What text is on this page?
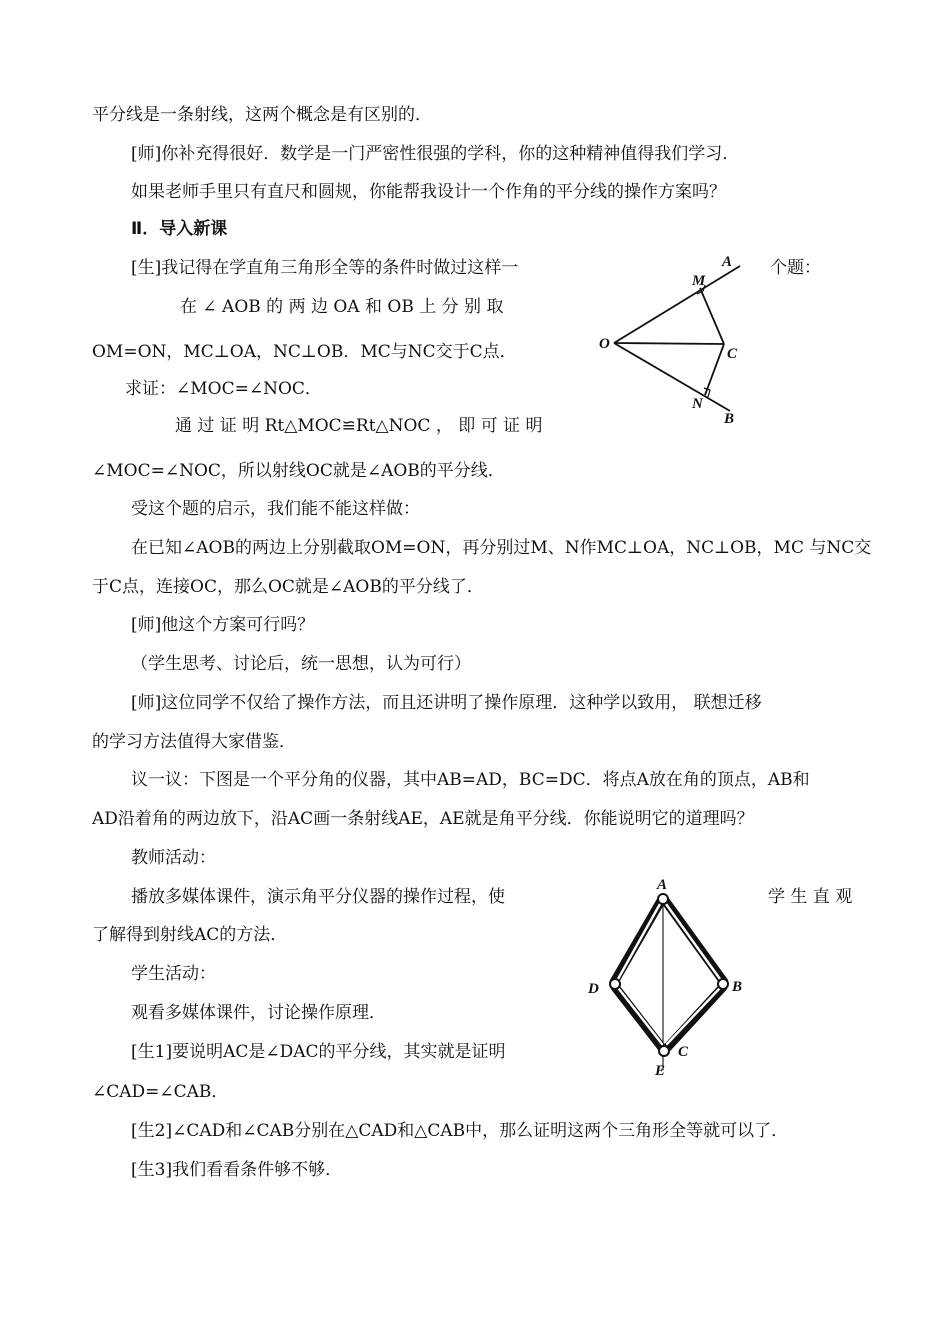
平分线是一条射线，这两个概念是有区别的．
[师]你补充得很好．数学是一门严密性很强的学科，你的这种精神值得我们学习．
如果老师手里只有直尺和圆规，你能帮我设计一个作角的平分线的操作方案吗？
Ⅱ．导入新课
[生]我记得在学直角三角形全等的条件时做过这样一	个题：
在 ∠ AOB 的 两 边 OA 和 OB 上 分 别 取
OM=ON，MC⊥OA，NC⊥OB．MC与NC交于C点．
求证：∠MOC=∠NOC．
通 过 证 明 Rt△MOC≌Rt△NOC ， 即 可 证 明
∠MOC=∠NOC，所以射线OC就是∠AOB的平分线．
受这个题的启示，我们能不能这样做：
在已知∠AOB的两边上分别截取OM=ON，再分别过M、N作MC⊥OA，NC⊥OB，MC 与NC交
于C点，连接OC，那么OC就是∠AOB的平分线了．
[师]他这个方案可行吗？
（学生思考、讨论后，统一思想，认为可行）
[师]这位同学不仅给了操作方法，而且还讲明了操作原理．这种学以致用， 联想迁移
的学习方法值得大家借鉴．
议一议：下图是一个平分角的仪器，其中AB=AD，BC=DC．将点A放在角的顶点，AB和
AD沿着角的两边放下，沿AC画一条射线AE，AE就是角平分线．你能说明它的道理吗？
教师活动：
播放多媒体课件，演示角平分仪器的操作过程，使	学 生 直 观
了解得到射线AC的方法．
学生活动：
观看多媒体课件，讨论操作原理．
[生1]要说明AC是∠DAC的平分线，其实就是证明
∠CAD=∠CAB．
[生2]∠CAD和∠CAB分别在△CAD和△CAB中，那么证明这两个三角形全等就可以了．
[生3]我们看看条件够不够．
A
M
O
C
N
B
A
D	B
C
E
